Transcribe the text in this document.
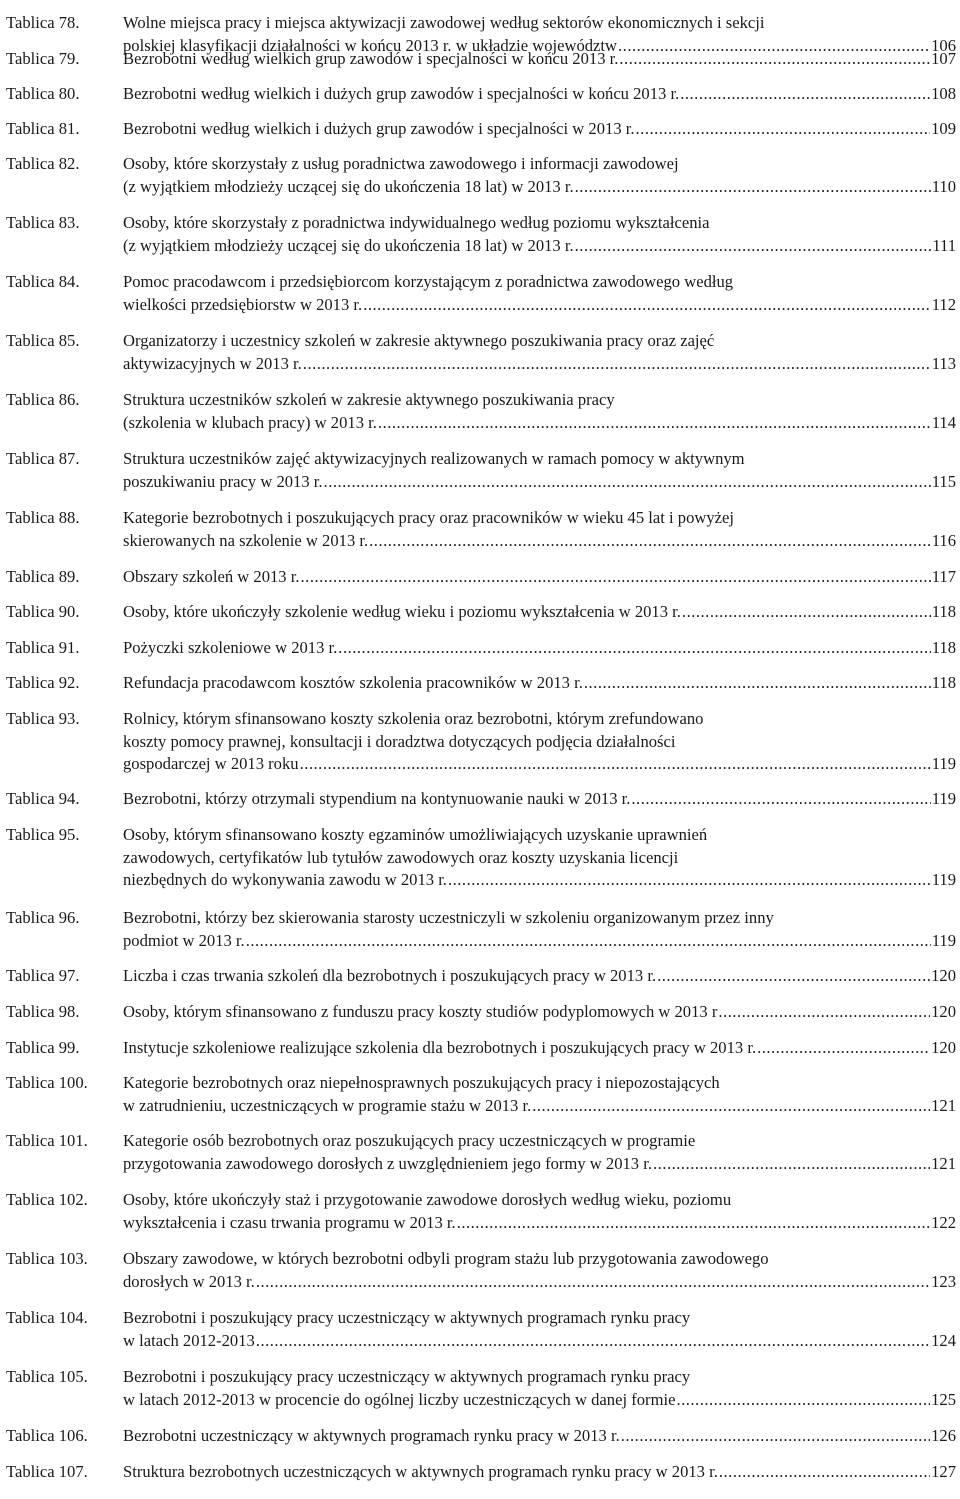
Tablica 78.	Wolne miejsca pracy i miejsca aktywizacji zawodowej według sektorów ekonomicznych i sekcji
polskiej klasyfikacji działalności w końcu 2013 r. w układzie województw .....	106
Tablica 79.	Bezrobotni według wielkich grup zawodów i specjalności w końcu 2013 r. .....	107
Tablica 80.	Bezrobotni według wielkich i dużych grup zawodów i specjalności w końcu 2013 r. .....	108
Tablica 81.	Bezrobotni według wielkich i dużych grup zawodów i specjalności w 2013 r. .....	109
Tablica 82.	Osoby, które skorzystały z usług poradnictwa zawodowego i informacji zawodowej
(z wyjątkiem młodzieży uczącej się do ukończenia 18 lat) w 2013 r. .....	110
Tablica 83.	Osoby, które skorzystały z poradnictwa indywidualnego według poziomu wykształcenia
(z wyjątkiem młodzieży uczącej się do ukończenia 18 lat) w 2013 r. .....	111
Tablica 84.	Pomoc pracodawcom i przedsiębiorcom korzystającym z poradnictwa zawodowego według
wielkości przedsiębiorstw w 2013 r. .....	112
Tablica 85.	Organizatorzy i uczestnicy szkoleń w zakresie aktywnego poszukiwania pracy oraz zajęć
aktywizacyjnych w 2013 r. .....	113
Tablica 86.	Struktura uczestników szkoleń w zakresie aktywnego poszukiwania pracy
(szkolenia w klubach pracy) w 2013 r. .....	114
Tablica 87.	Struktura uczestników zajęć aktywizacyjnych realizowanych w ramach pomocy w aktywnym
poszukiwaniu pracy w 2013 r. .....	115
Tablica 88.	Kategorie bezrobotnych i poszukujących pracy oraz pracowników w wieku 45 lat i powyżej
skierowanych na szkolenie w 2013 r. .....	116
Tablica 89.	Obszary szkoleń w 2013 r. .....	117
Tablica 90.	Osoby, które ukończyły szkolenie według wieku i poziomu wykształcenia w 2013 r. .....	118
Tablica 91.	Pożyczki szkoleniowe w 2013 r. .....	118
Tablica 92.	Refundacja pracodawcom kosztów szkolenia pracowników w 2013 r. .....	118
Tablica 93.	Rolnicy, którym sfinansowano koszty szkolenia oraz bezrobotni, którym zrefundowano
koszty pomocy prawnej, konsultacji i doradztwa dotyczących podjęcia działalności
gospodarczej w 2013 roku .....	119
Tablica 94.	Bezrobotni, którzy otrzymali stypendium na kontynuowanie nauki w 2013 r. .....	119
Tablica 95.	Osoby, którym sfinansowano koszty egzaminów umożliwiających uzyskanie uprawnień
zawodowych, certyfikatów lub tytułów zawodowych oraz koszty uzyskania licencji
niezbędnych do wykonywania zawodu w 2013 r. .....	119
Tablica 96.	Bezrobotni, którzy bez skierowania starosty uczestniczyli w szkoleniu organizowanym przez inny
podmiot w 2013 r. .....	119
Tablica 97.	Liczba i czas trwania szkoleń dla bezrobotnych i poszukujących pracy w 2013 r. .....	120
Tablica 98.	Osoby, którym sfinansowano z funduszu pracy koszty studiów podyplomowych w 2013 r .....	120
Tablica 99.	Instytucje szkoleniowe realizujące szkolenia dla bezrobotnych i poszukujących pracy w 2013 r. .....	120
Tablica 100. Kategorie bezrobotnych oraz niepełnosprawnych poszukujących pracy i niepozostających
w zatrudnieniu, uczestniczących w programie stażu w 2013 r. .....	121
Tablica 101. Kategorie osób bezrobotnych oraz poszukujących pracy uczestniczących w programie
przygotowania zawodowego dorosłych z uwzględnieniem jego formy w 2013 r. .....	121
Tablica 102. Osoby, które ukończyły staż i przygotowanie zawodowe dorosłych według wieku, poziomu
wykształcenia i czasu trwania programu w 2013 r. .....	122
Tablica 103. Obszary zawodowe, w których bezrobotni odbyli program stażu lub przygotowania zawodowego
dorosłych w 2013 r. .....	123
Tablica 104. Bezrobotni i poszukujący pracy uczestniczący w aktywnych programach rynku pracy
w latach 2012-2013 .....	124
Tablica 105. Bezrobotni i poszukujący pracy uczestniczący w aktywnych programach rynku pracy
w latach 2012-2013 w procencie do ogólnej liczby uczestniczących w danej formie .....	125
Tablica 106. Bezrobotni uczestniczący w aktywnych programach rynku pracy w 2013 r. .....	126
Tablica 107. Struktura bezrobotnych uczestniczących w aktywnych programach rynku pracy w 2013 r. .....	127
